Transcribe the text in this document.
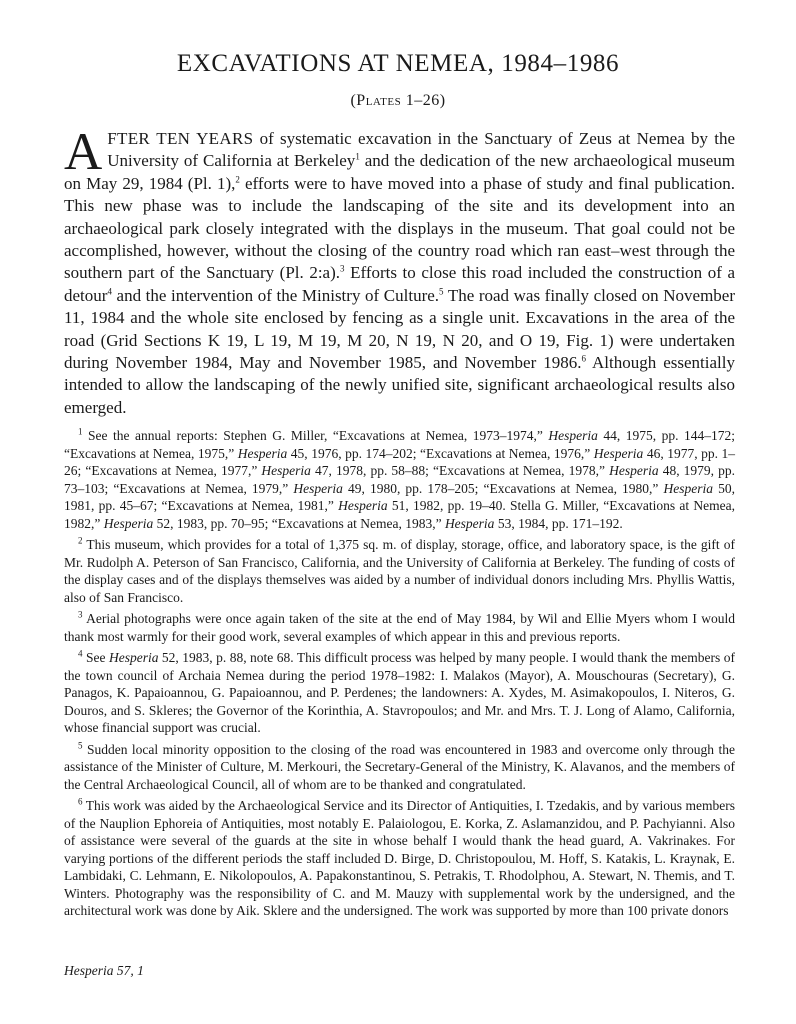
EXCAVATIONS AT NEMEA, 1984–1986
(Plates 1–26)
AFTER TEN YEARS of systematic excavation in the Sanctuary of Zeus at Nemea by the University of California at Berkeley$^1$ and the dedication of the new archaeological museum on May 29, 1984 (Pl. 1),$^2$ efforts were to have moved into a phase of study and final publication. This new phase was to include the landscaping of the site and its development into an archaeological park closely integrated with the displays in the museum. That goal could not be accomplished, however, without the closing of the country road which ran east–west through the southern part of the Sanctuary (Pl. 2:a).$^3$ Efforts to close this road included the construction of a detour$^4$ and the intervention of the Ministry of Culture.$^5$ The road was finally closed on November 11, 1984 and the whole site enclosed by fencing as a single unit. Excavations in the area of the road (Grid Sections K 19, L 19, M 19, M 20, N 19, N 20, and O 19, Fig. 1) were undertaken during November 1984, May and November 1985, and November 1986.$^6$ Although essentially intended to allow the landscaping of the newly unified site, significant archaeological results also emerged.

$^1$ See the annual reports: Stephen G. Miller, “Excavations at Nemea, 1973–1974,” Hesperia 44, 1975, pp. 144–172; “Excavations at Nemea, 1975,” Hesperia 45, 1976, pp. 174–202; “Excavations at Nemea, 1976,” Hesperia 46, 1977, pp. 1–26; “Excavations at Nemea, 1977,” Hesperia 47, 1978, pp. 58–88; “Excavations at Nemea, 1978,” Hesperia 48, 1979, pp. 73–103; “Excavations at Nemea, 1979,” Hesperia 49, 1980, pp. 178–205; “Excavations at Nemea, 1980,” Hesperia 50, 1981, pp. 45–67; “Excavations at Nemea, 1981,” Hesperia 51, 1982, pp. 19–40. Stella G. Miller, “Excavations at Nemea, 1982,” Hesperia 52, 1983, pp. 70–95; “Excavations at Nemea, 1983,” Hesperia 53, 1984, pp. 171–192.

$^2$ This museum, which provides for a total of 1,375 sq. m. of display, storage, office, and laboratory space, is the gift of Mr. Rudolph A. Peterson of San Francisco, California, and the University of California at Berkeley. The funding of costs of the display cases and of the displays themselves was aided by a number of individual donors including Mrs. Phyllis Wattis, also of San Francisco.

$^3$ Aerial photographs were once again taken of the site at the end of May 1984, by Wil and Ellie Myers whom I would thank most warmly for their good work, several examples of which appear in this and previous reports.

$^4$ See Hesperia 52, 1983, p. 88, note 68. This difficult process was helped by many people. I would thank the members of the town council of Archaia Nemea during the period 1978–1982: I. Malakos (Mayor), A. Mouschouras (Secretary), G. Panagos, K. Papaioannou, G. Papaioannou, and P. Perdenes; the landowners: A. Xydes, M. Asimakopoulos, I. Niteros, G. Douros, and S. Skleres; the Governor of the Korinthia, A. Stavropoulos; and Mr. and Mrs. T. J. Long of Alamo, California, whose financial support was crucial.

$^5$ Sudden local minority opposition to the closing of the road was encountered in 1983 and overcome only through the assistance of the Minister of Culture, M. Merkouri, the Secretary-General of the Ministry, K. Alavanos, and the members of the Central Archaeological Council, all of whom are to be thanked and congratulated.

$^6$ This work was aided by the Archaeological Service and its Director of Antiquities, I. Tzedakis, and by various members of the Nauplion Ephoreia of Antiquities, most notably E. Palaiologou, E. Korka, Z. Aslamanzidou, and P. Pachyianni. Also of assistance were several of the guards at the site in whose behalf I would thank the head guard, A. Vakrinakes. For varying portions of the different periods the staff included D. Birge, D. Christopoulou, M. Hoff, S. Katakis, L. Kraynak, E. Lambidaki, C. Lehmann, E. Nikolopoulos, A. Papakonstantinou, S. Petrakis, T. Rhodolphou, A. Stewart, N. Themis, and T. Winters. Photography was the responsibility of C. and M. Mauzy with supplemental work by the undersigned, and the architectural work was done by Aik. Sklere and the undersigned. The work was supported by more than 100 private donors

Hesperia 57, 1
